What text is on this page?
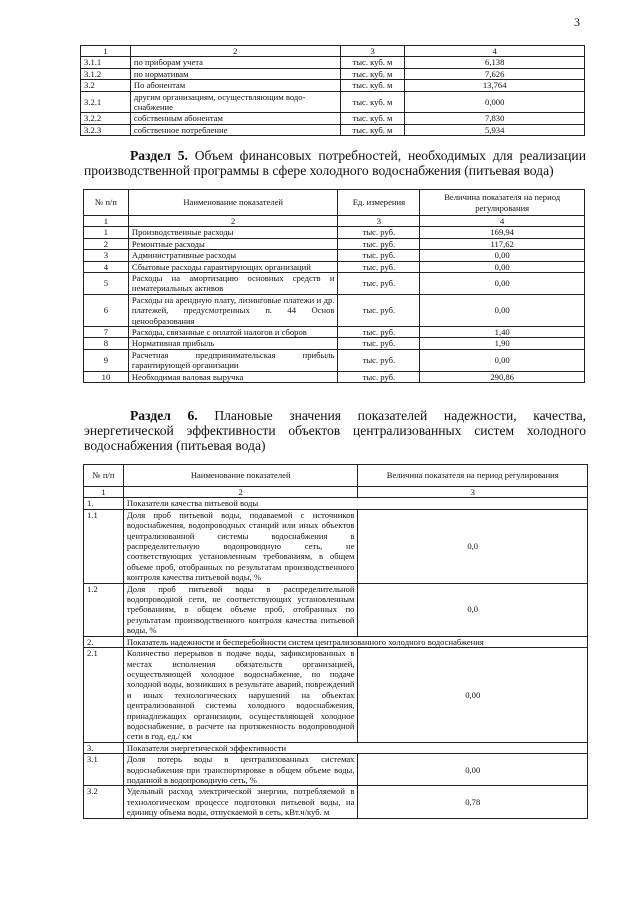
3
1	2	3	4
3.1.1	по приборам учета	тыс. куб. м	6,138
3.1.2	по нормативам	тыс. куб. м	7,626
3.2	По абонентам	тыс. куб. м	13,764
3.2.1	другим организациям, осуществляющим водо-снабжение	тыс. куб. м	0,000
3.2.2	собственным абонентам	тыс. куб. м	7,830
3.2.3	собственное потребление	тыс. куб. м	5,934
Раздел 5. Объем финансовых потребностей, необходимых для реализации производственной программы в сфере холодного водоснабжения (питьевая вода)
№ п/п	Наименование показателей	Ед. измерения	Величина показателя на период регулирования
1	2	3	4
1	Производственные расходы	тыс. руб.	169,94
2	Ремонтные расходы	тыс. руб.	117,62
3	Административные расходы	тыс. руб.	0,00
4	Сбытовые расходы гарантирующих организаций	тыс. руб.	0,00
5	Расходы на амортизацию основных средств и нематериальных активов	тыс. руб.	0,00
6	Расходы на арендную плату, лизинговые платежи и др. платежей, предусмотренных п. 44 Основ ценообразования	тыс. руб.	0,00
7	Расходы, связанные с оплатой налогов и сборов	тыс. руб.	1,40
8	Нормативная прибыль	тыс. руб.	1,90
9	Расчетная предпринимательская прибыль гарантирующей организации	тыс. руб.	0,00
10	Необходимая валовая выручка	тыс. руб.	290,86
Раздел 6. Плановые значения показателей надежности, качества, энергетической эффективности объектов централизованных систем холодного водоснабжения (питьевая вода)
№ п/п	Наименование показателей	Величина показателя на период регулирования
1	2	3
1.	Показатели качества питьевой воды	
1.1	Доля проб питьевой воды, подаваемой с источников водоснабжения, водопроводных станций или иных объектов централизованной системы водоснабжения в распределительную водопроводную сеть, не соответствующих установленным требованиям, в общем объеме проб, отобранных по результатам производственного контроля качества питьевой воды, %	0,0
1.2	Доля проб питьевой воды в распределительной водопроводной сети, не соответствующих установленным требованиям, в общем объеме проб, отобранных по результатам производственного контроля качества питьевой воды, %	0,0
2.	Показатель надежности и бесперебойности систем централизованного холодного водоснабжения	
2.1	Количество перерывов в подаче воды, зафиксированных в местах исполнения обязательств организацией, осуществляющей холодное водоснабжение, по подаче холодной воды, возникших в результате аварий, повреждений и иных технологических нарушений на объектах централизованной системы холодного водоснабжения, принадлежащих организации, осуществляющей холодное водоснабжение, в расчете на протяженность водопроводной сети в год, ед./ км	0,00
3.	Показатели энергетической эффективности	
3.1	Доля потерь воды в централизованных системах водоснабжения при транспортировке в общем объеме воды, поданной в водопроводную сеть, %	0,00
3.2	Удельный расход электрической энергии, потребляемой в технологическом процессе подготовки питьевой воды, на единицу объема воды, отпускаемой в сеть, кВт.ч/куб. м	0,78
